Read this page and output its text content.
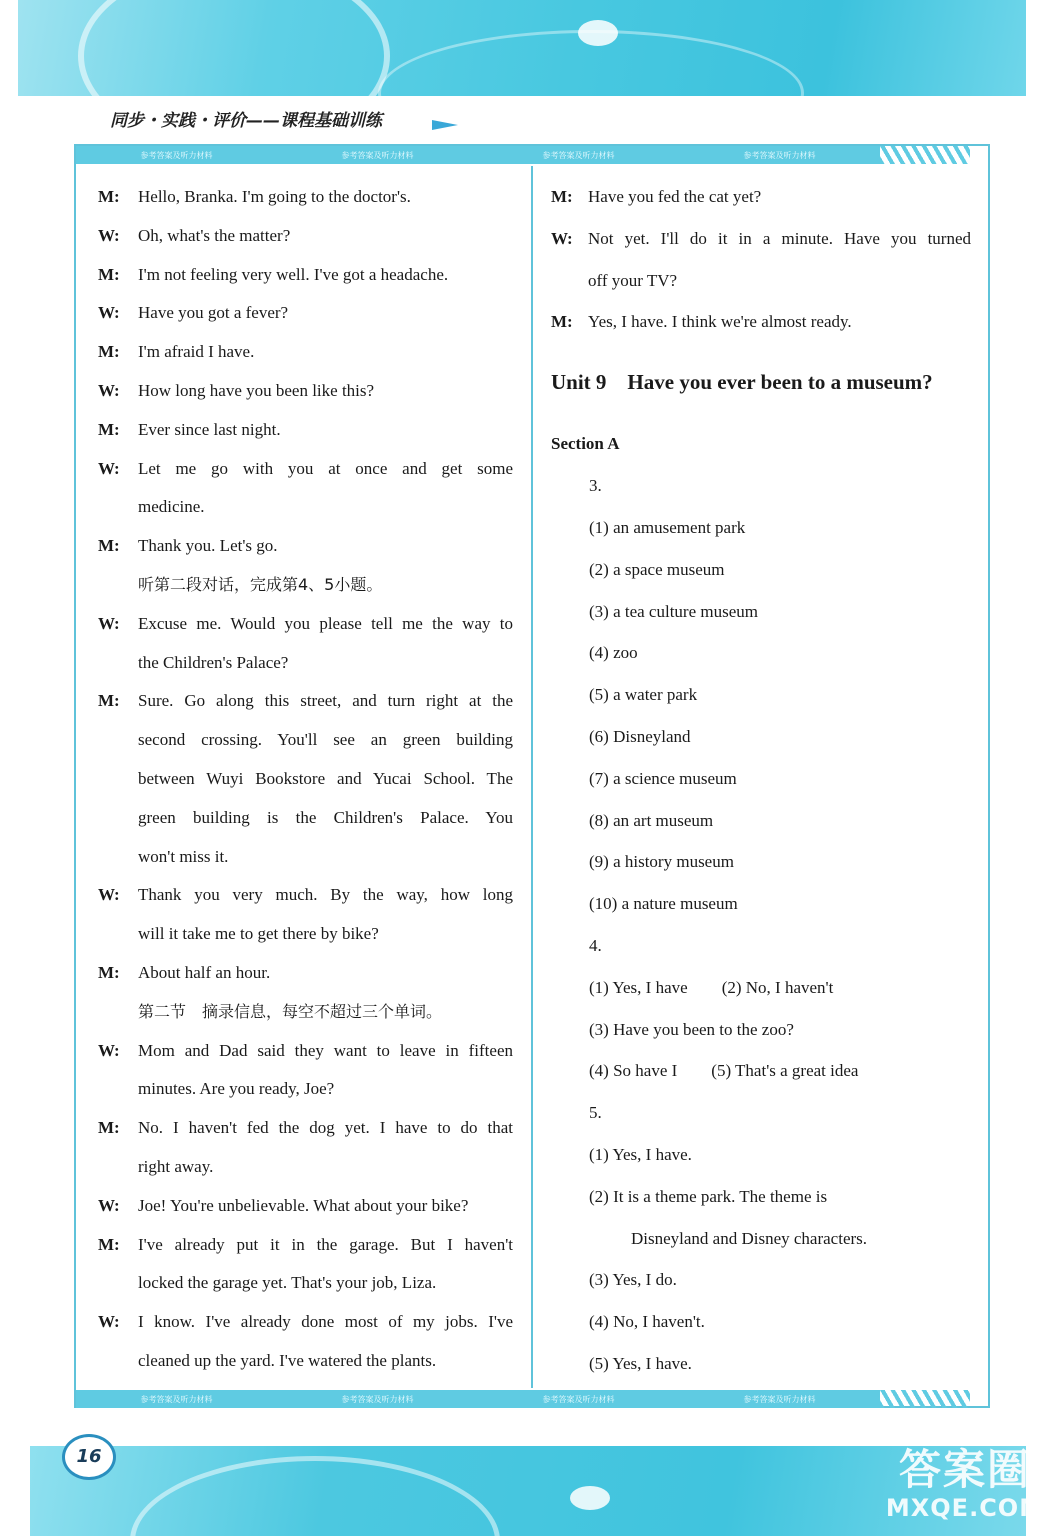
同步・实践・评价——课程基础训练
参考答案及听力材料	参考答案及听力材料	参考答案及听力材料	参考答案及听力材料
M: Hello, Branka. I'm going to the doctor's.
W: Oh, what's the matter?
M: I'm not feeling very well. I've got a headache.
W: Have you got a fever?
M: I'm afraid I have.
W: How long have you been like this?
M: Ever since last night.
W: Let me go with you at once and get some
medicine.
M: Thank you. Let's go.
听第二段对话，完成第4、5小题。
W: Excuse me. Would you please tell me the way to
the Children's Palace?
M: Sure. Go along this street, and turn right at the
second crossing. You'll see an green building
between Wuyi Bookstore and Yucai School. The
green building is the Children's Palace. You
won't miss it.
W: Thank you very much. By the way, how long
will it take me to get there by bike?
M: About half an hour.
第二节　摘录信息，每空不超过三个单词。
W: Mom and Dad said they want to leave in fifteen
minutes. Are you ready, Joe?
M: No. I haven't fed the dog yet. I have to do that
right away.
W: Joe! You're unbelievable. What about your bike?
M: I've already put it in the garage. But I haven't
locked the garage yet. That's your job, Liza.
W: I know. I've already done most of my jobs. I've
cleaned up the yard. I've watered the plants.
M: Have you fed the cat yet?
W: Not yet. I'll do it in a minute. Have you turned
off your TV?
M: Yes, I have. I think we're almost ready.
Unit 9　Have you ever been to a museum?
Section A
3.
(1) an amusement park
(2) a space museum
(3) a tea culture museum
(4) zoo
(5) a water park
(6) Disneyland
(7) a science museum
(8) an art museum
(9) a history museum
(10) a nature museum
4.
(1) Yes, I have (2) No, I haven't
(3) Have you been to the zoo?
(4) So have I (5) That's a great idea
5.
(1) Yes, I have.
(2) It is a theme park. The theme is
Disneyland and Disney characters.
(3) Yes, I do.
(4) No, I haven't.
(5) Yes, I have.
参考答案及听力材料	参考答案及听力材料	参考答案及听力材料	参考答案及听力材料
16	答案圈
MXQE.COM
